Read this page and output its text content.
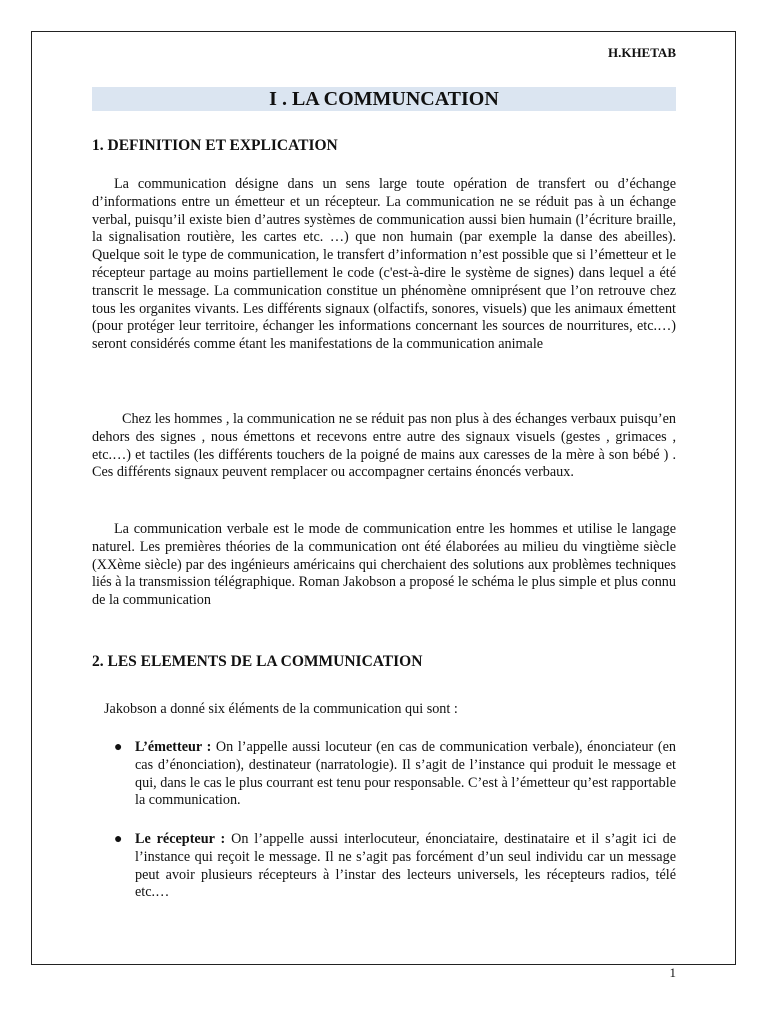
H.KHETAB
I . LA COMMUNCATION
1. DEFINITION ET EXPLICATION

La communication désigne dans un sens large toute opération de transfert ou d’échange d’informations entre un émetteur et un récepteur. La communication ne se réduit pas à un échange verbal, puisqu’il existe bien d’autres systèmes de communication aussi bien humain (l’écriture braille, la signalisation routière, les cartes etc. …) que non humain (par exemple la danse des abeilles). Quelque soit le type de communication, le transfert d’information n’est possible que si l’émetteur et le récepteur partage au moins partiellement le code (c'est-à-dire le système de signes) dans lequel a été transcrit le message. La communication constitue un phénomène omniprésent que l’on retrouve chez tous les organites vivants. Les différents signaux (olfactifs, sonores, visuels) que les animaux émettent (pour protéger leur territoire, échanger les informations concernant les sources de nourritures, etc.…) seront considérés comme étant les manifestations de la communication animale

Chez les hommes , la communication ne se réduit pas non plus à des échanges verbaux puisqu’en dehors des signes , nous émettons et recevons entre autre des signaux visuels (gestes , grimaces , etc.…) et tactiles (les différents touchers de la poigné de mains aux caresses de la mère à son bébé ) . Ces différents signaux peuvent remplacer ou accompagner certains énoncés verbaux.

La communication verbale est le mode de communication entre les hommes et utilise le langage naturel. Les premières théories de la communication ont été élaborées au milieu du vingtième siècle (XXème siècle) par des ingénieurs américains qui cherchaient des solutions aux problèmes techniques liés à la transmission télégraphique. Roman Jakobson a proposé le schéma le plus simple et plus connu de la communication

2. LES ELEMENTS DE LA COMMUNICATION
Jakobson a donné six éléments de la communication qui sont :
● L’émetteur : On l’appelle aussi locuteur (en cas de communication verbale), énonciateur (en cas d’énonciation), destinateur (narratologie). Il s’agit de l’instance qui produit le message et qui, dans le cas le plus courrant est tenu pour responsable. C’est à l’émetteur qu’est rapportable la communication.
● Le récepteur : On l’appelle aussi interlocuteur, énonciataire, destinataire et il s’agit ici de l’instance qui reçoit le message. Il ne s’agit pas forcément d’un seul individu car un message peut avoir plusieurs récepteurs à l’instar des lecteurs universels, les récepteurs radios, télé etc.…
1
